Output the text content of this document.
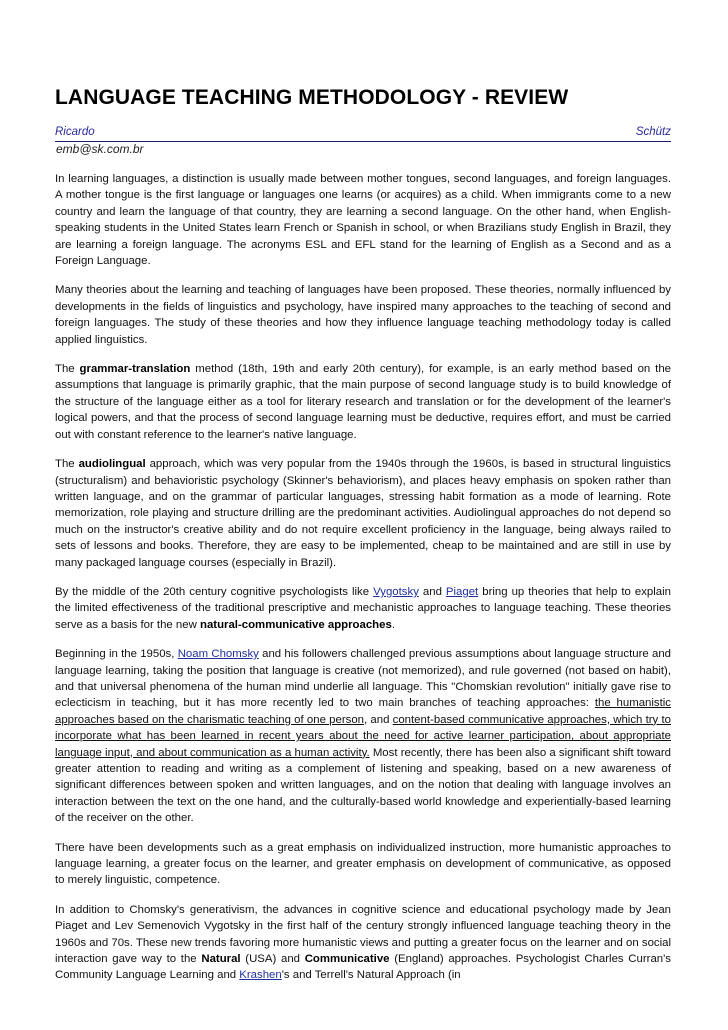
LANGUAGE TEACHING METHODOLOGY - REVIEW
Ricardo	Schütz
emb@sk.com.br

In learning languages, a distinction is usually made between mother tongues, second languages, and foreign languages. A mother tongue is the first language or languages one learns (or acquires) as a child. When immigrants come to a new country and learn the language of that country, they are learning a second language. On the other hand, when English-speaking students in the United States learn French or Spanish in school, or when Brazilians study English in Brazil, they are learning a foreign language. The acronyms ESL and EFL stand for the learning of English as a Second and as a Foreign Language.

Many theories about the learning and teaching of languages have been proposed. These theories, normally influenced by developments in the fields of linguistics and psychology, have inspired many approaches to the teaching of second and foreign languages. The study of these theories and how they influence language teaching methodology today is called applied linguistics.

The grammar-translation method (18th, 19th and early 20th century), for example, is an early method based on the assumptions that language is primarily graphic, that the main purpose of second language study is to build knowledge of the structure of the language either as a tool for literary research and translation or for the development of the learner's logical powers, and that the process of second language learning must be deductive, requires effort, and must be carried out with constant reference to the learner's native language.

The audiolingual approach, which was very popular from the 1940s through the 1960s, is based in structural linguistics (structuralism) and behavioristic psychology (Skinner's behaviorism), and places heavy emphasis on spoken rather than written language, and on the grammar of particular languages, stressing habit formation as a mode of learning. Rote memorization, role playing and structure drilling are the predominant activities. Audiolingual approaches do not depend so much on the instructor's creative ability and do not require excellent proficiency in the language, being always railed to sets of lessons and books. Therefore, they are easy to be implemented, cheap to be maintained and are still in use by many packaged language courses (especially in Brazil).

By the middle of the 20th century cognitive psychologists like Vygotsky and Piaget bring up theories that help to explain the limited effectiveness of the traditional prescriptive and mechanistic approaches to language teaching. These theories serve as a basis for the new natural-communicative approaches.

Beginning in the 1950s, Noam Chomsky and his followers challenged previous assumptions about language structure and language learning, taking the position that language is creative (not memorized), and rule governed (not based on habit), and that universal phenomena of the human mind underlie all language. This "Chomskian revolution" initially gave rise to eclecticism in teaching, but it has more recently led to two main branches of teaching approaches: the humanistic approaches based on the charismatic teaching of one person, and content-based communicative approaches, which try to incorporate what has been learned in recent years about the need for active learner participation, about appropriate language input, and about communication as a human activity. Most recently, there has been also a significant shift toward greater attention to reading and writing as a complement of listening and speaking, based on a new awareness of significant differences between spoken and written languages, and on the notion that dealing with language involves an interaction between the text on the one hand, and the culturally-based world knowledge and experientially-based learning of the receiver on the other.

There have been developments such as a great emphasis on individualized instruction, more humanistic approaches to language learning, a greater focus on the learner, and greater emphasis on development of communicative, as opposed to merely linguistic, competence.

In addition to Chomsky's generativism, the advances in cognitive science and educational psychology made by Jean Piaget and Lev Semenovich Vygotsky in the first half of the century strongly influenced language teaching theory in the 1960s and 70s. These new trends favoring more humanistic views and putting a greater focus on the learner and on social interaction gave way to the Natural (USA) and Communicative (England) approaches. Psychologist Charles Curran's Community Language Learning and Krashen's and Terrell's Natural Approach (in
